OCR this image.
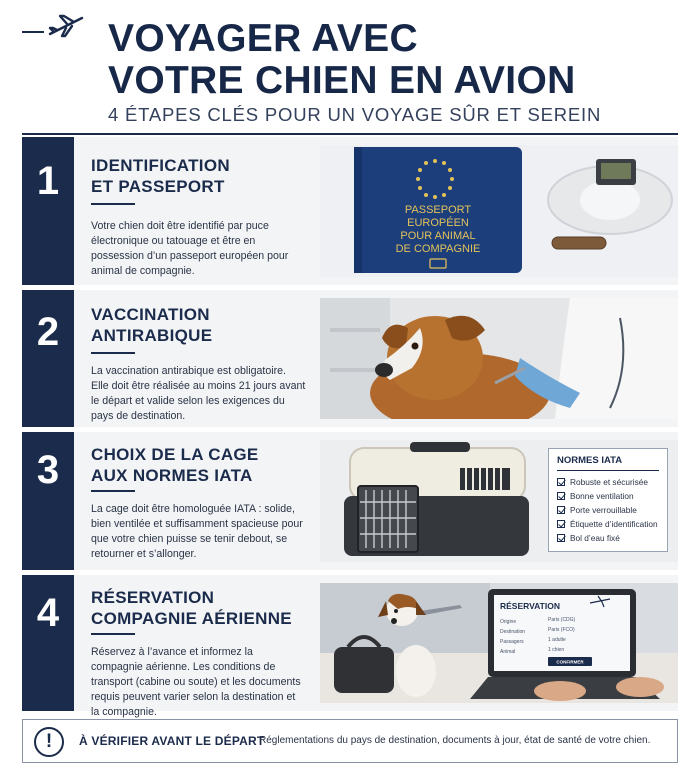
VOYAGER AVEC
VOTRE CHIEN EN AVION
4 ÉTAPES CLÉS POUR UN VOYAGE SÛR ET SEREIN
1	IDENTIFICATION
ET PASSEPORT
Votre chien doit être identifié par puce électronique ou tatouage et être en possession d’un passeport européen pour animal de compagnie.
PASSEPORT
EUROPÉEN
POUR ANIMAL
DE COMPAGNIE
2	VACCINATION
ANTIRABIQUE
La vaccination antirabique est obligatoire. Elle doit être réalisée au moins 21 jours avant le départ et valide selon les exigences du pays de destination.
3	CHOIX DE LA CAGE
AUX NORMES IATA
La cage doit être homologuée IATA : solide, bien ventilée et suffisamment spacieuse pour que votre chien puisse se tenir debout, se retourner et s’allonger.
NORMES IATA
Robuste et sécurisée
Bonne ventilation
Porte verrouillable
Étiquette d’identification
Bol d’eau fixé
4	RÉSERVATION
COMPAGNIE AÉRIENNE
Réservez à l’avance et informez la compagnie aérienne. Les conditions de transport (cabine ou soute) et les documents requis peuvent varier selon la destination et la compagnie.
RÉSERVATION
Origine	Paris (CDG)
Destination	Paris (FCO)
Passagers	1 adulte
Animal	1 chien
CONFIRMER
!	À VÉRIFIER AVANT LE DÉPART
Réglementations du pays de destination, documents à jour, état de santé de votre chien.
